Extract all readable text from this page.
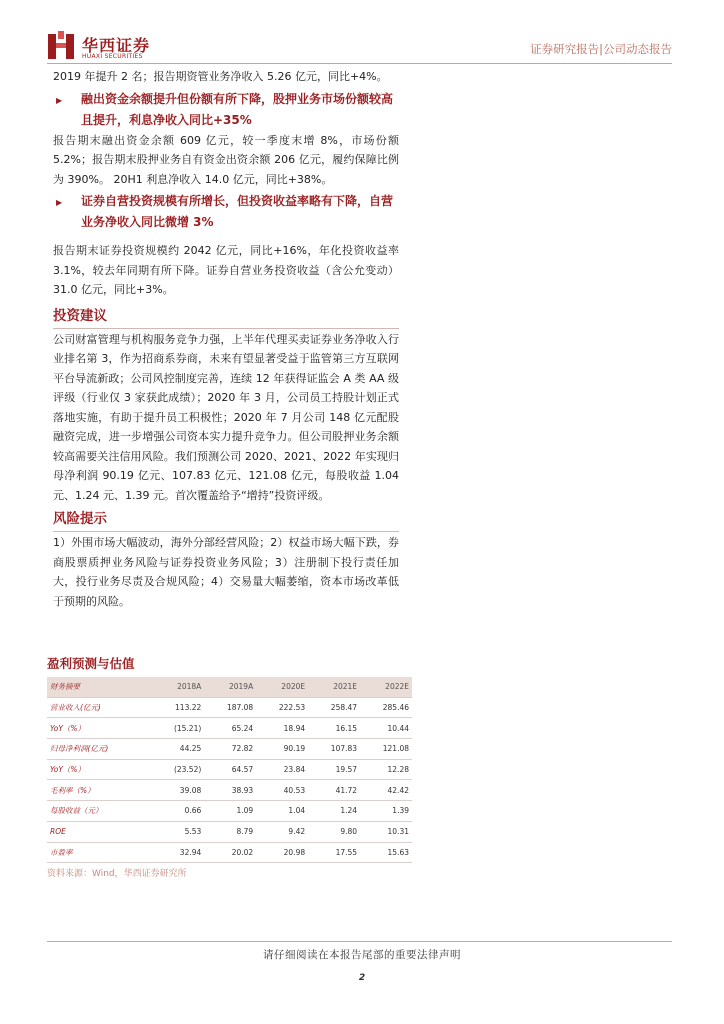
华西证券
HUAXI SECURITIES
证券研究报告|公司动态报告

2019 年提升 2 名；报告期资管业务净收入 5.26 亿元，同比+4%。

▶ 融出资金余额提升但份额有所下降，股押业务市场份额较高且提升，利息净收入同比+35%

报告期末融出资金余额 609 亿元，较一季度末增 8%，市场份额 5.2%；报告期末股押业务自有资金出资余额 206 亿元，履约保障比例为 390%。 20H1 利息净收入 14.0 亿元，同比+38%。

▶ 证券自营投资规模有所增长，但投资收益率略有下降，自营业务净收入同比微增 3%

报告期末证券投资规模约 2042 亿元，同比+16%，年化投资收益率 3.1%，较去年同期有所下降。证券自营业务投资收益（含公允变动）31.0 亿元，同比+3%。

投资建议

公司财富管理与机构服务竞争力强，上半年代理买卖证券业务净收入行业排名第 3，作为招商系券商，未来有望显著受益于监管第三方互联网平台导流新政；公司风控制度完善，连续 12 年获得证监会 A 类 AA 级评级（行业仅 3 家获此成绩）；2020 年 3 月，公司员工持股计划正式落地实施，有助于提升员工积极性；2020 年 7 月公司 148 亿元配股融资完成，进一步增强公司资本实力提升竞争力。但公司股押业务余额较高需要关注信用风险。我们预测公司 2020、2021、2022 年实现归母净利润 90.19 亿元、107.83 亿元、121.08 亿元，每股收益 1.04 元、1.24 元、1.39 元。首次覆盖给予“增持”投资评级。

风险提示

1）外围市场大幅波动，海外分部经营风险；2）权益市场大幅下跌，券商股票质押业务风险与证券投资业务风险；3）注册制下投行责任加大，投行业务尽责及合规风险；4）交易量大幅萎缩，资本市场改革低于预期的风险。

盈利预测与估值
财务摘要	2018A	2019A	2020E	2021E	2022E
营业收入(亿元)	113.22	187.08	222.53	258.47	285.46
YoY（%）	(15.21)	65.24	18.94	16.15	10.44
归母净利润(亿元)	44.25	72.82	90.19	107.83	121.08
YoY（%）	(23.52)	64.57	23.84	19.57	12.28
毛利率（%）	39.08	38.93	40.53	41.72	42.42
每股收益（元）	0.66	1.09	1.04	1.24	1.39
ROE	5.53	8.79	9.42	9.80	10.31
市盈率	32.94	20.02	20.98	17.55	15.63
资料来源：Wind，华西证券研究所
请仔细阅读在本报告尾部的重要法律声明
2
